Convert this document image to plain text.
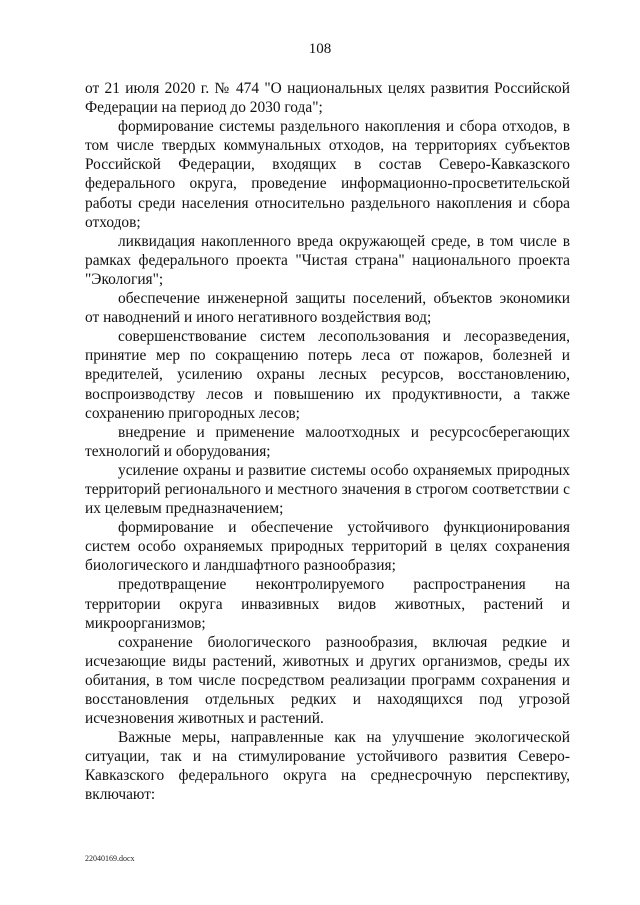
108

от 21 июля 2020 г. № 474 "О национальных целях развития Российской Федерации на период до 2030 года";

формирование системы раздельного накопления и сбора отходов, в том числе твердых коммунальных отходов, на территориях субъектов Российской Федерации, входящих в состав Северо-Кавказского федерального округа, проведение информационно-просветительской работы среди населения относительно раздельного накопления и сбора отходов;

ликвидация накопленного вреда окружающей среде, в том числе в рамках федерального проекта "Чистая страна" национального проекта "Экология";

обеспечение инженерной защиты поселений, объектов экономики от наводнений и иного негативного воздействия вод;

совершенствование систем лесопользования и лесоразведения, принятие мер по сокращению потерь леса от пожаров, болезней и вредителей, усилению охраны лесных ресурсов, восстановлению, воспроизводству лесов и повышению их продуктивности, а также сохранению пригородных лесов;

внедрение и применение малоотходных и ресурсосберегающих технологий и оборудования;

усиление охраны и развитие системы особо охраняемых природных территорий регионального и местного значения в строгом соответствии с их целевым предназначением;

формирование и обеспечение устойчивого функционирования систем особо охраняемых природных территорий в целях сохранения биологического и ландшафтного разнообразия;

предотвращение неконтролируемого распространения на территории округа инвазивных видов животных, растений и микроорганизмов;

сохранение биологического разнообразия, включая редкие и исчезающие виды растений, животных и других организмов, среды их обитания, в том числе посредством реализации программ сохранения и восстановления отдельных редких и находящихся под угрозой исчезновения животных и растений.

Важные меры, направленные как на улучшение экологической ситуации, так и на стимулирование устойчивого развития Северо-Кавказского федерального округа на среднесрочную перспективу, включают:

22040169.docx
